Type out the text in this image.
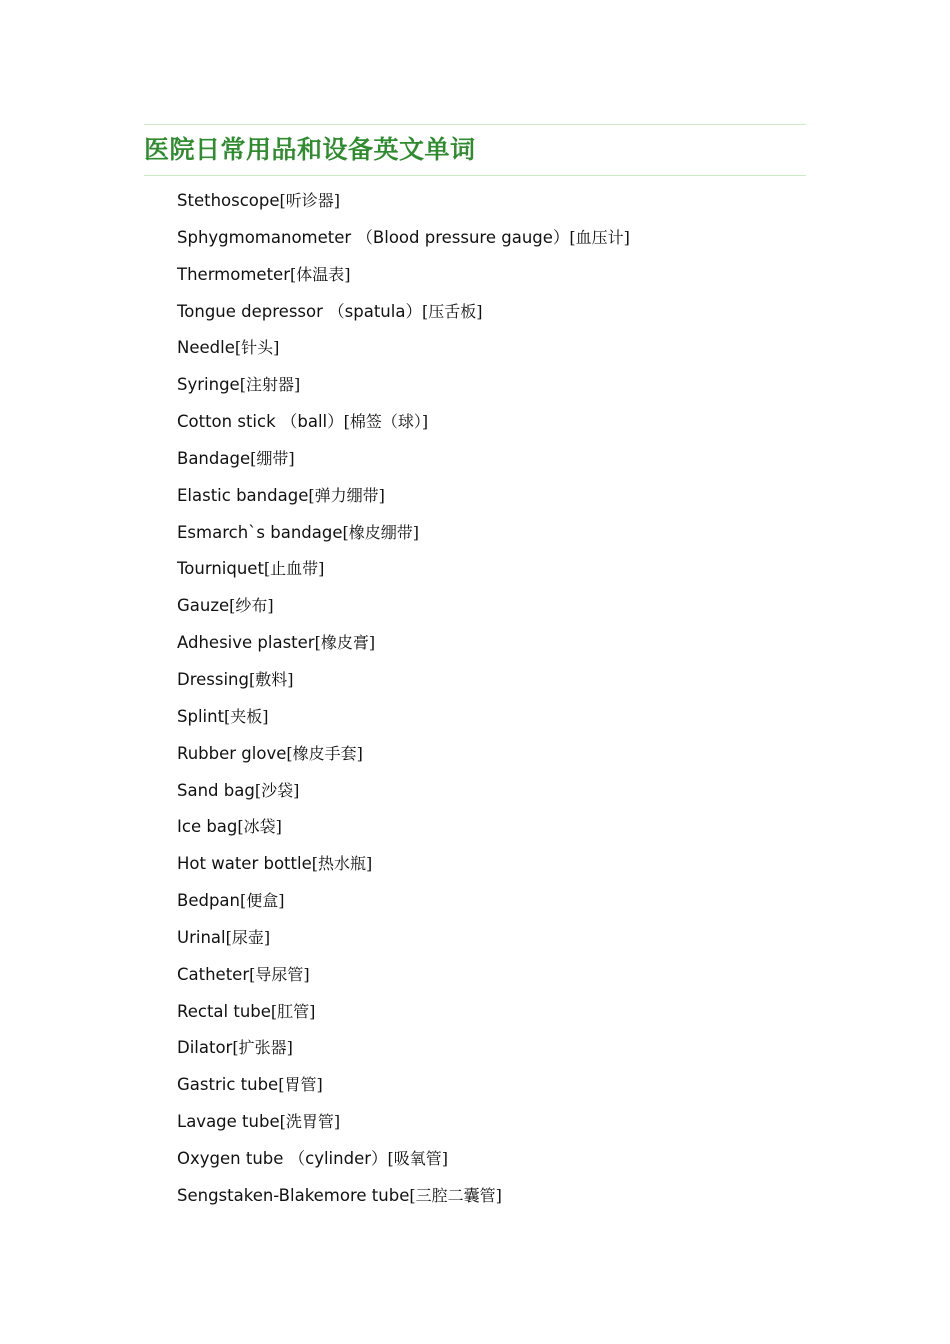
医院日常用品和设备英文单词
Stethoscope[听诊器]
Sphygmomanometer （Blood pressure gauge）[血压计]
Thermometer[体温表]
Tongue depressor （spatula）[压舌板]
Needle[针头]
Syringe[注射器]
Cotton stick （ball）[棉签（球）]
Bandage[绷带]
Elastic bandage[弹力绷带]
Esmarch`s bandage[橡皮绷带]
Tourniquet[止血带]
Gauze[纱布]
Adhesive plaster[橡皮膏]
Dressing[敷料]
Splint[夹板]
Rubber glove[橡皮手套]
Sand bag[沙袋]
Ice bag[冰袋]
Hot water bottle[热水瓶]
Bedpan[便盒]
Urinal[尿壶]
Catheter[导尿管]
Rectal tube[肛管]
Dilator[扩张器]
Gastric tube[胃管]
Lavage tube[洗胃管]
Oxygen tube （cylinder）[吸氧管]
Sengstaken-Blakemore tube[三腔二囊管]
